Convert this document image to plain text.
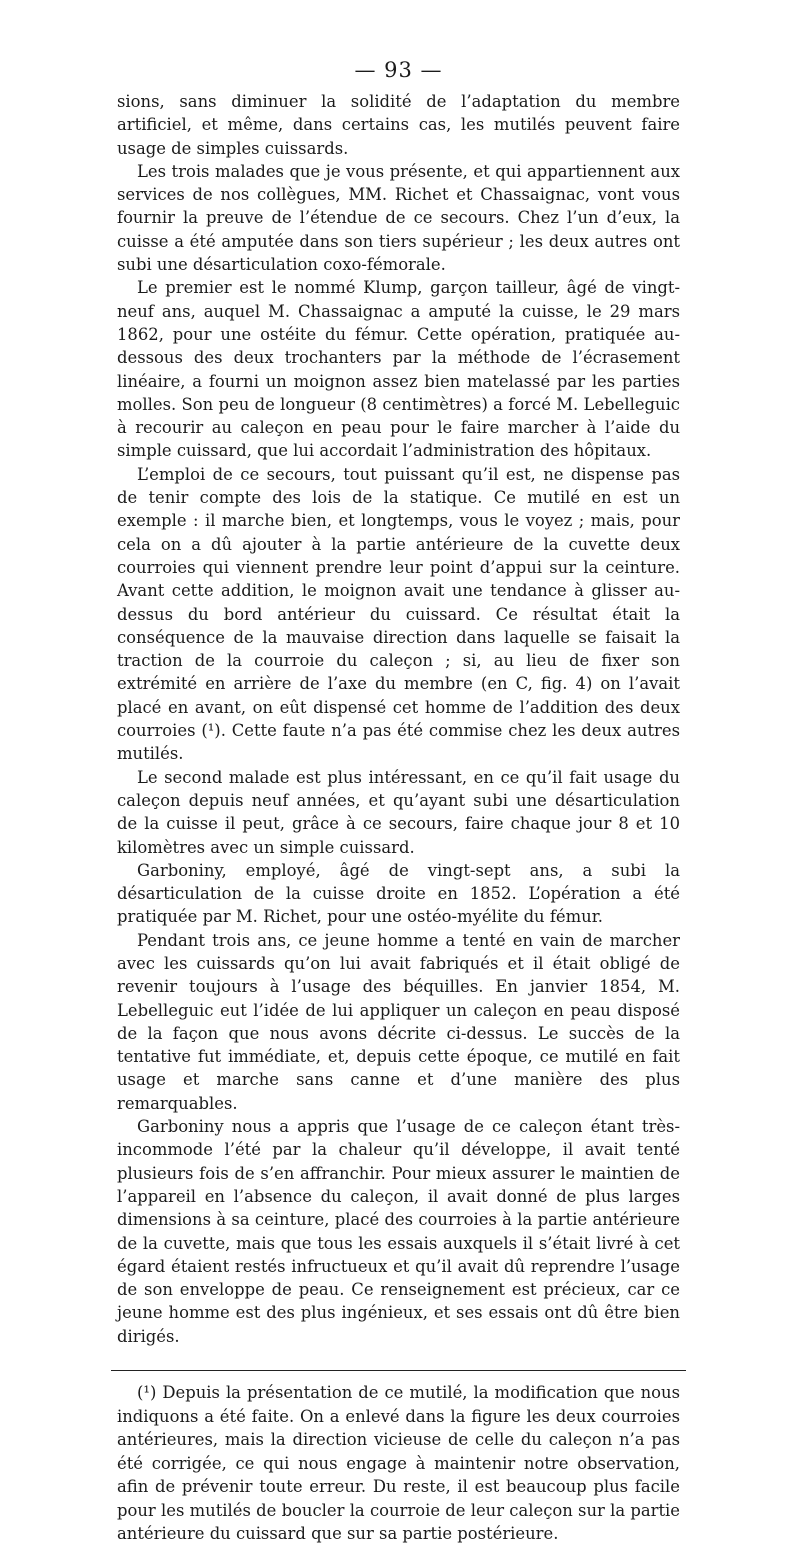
— 93 —

sions, sans diminuer la solidité de l’adaptation du membre artificiel, et même, dans certains cas, les mutilés peuvent faire usage de simples cuissards.

Les trois malades que je vous présente, et qui appartiennent aux services de nos collègues, MM. Richet et Chassaignac, vont vous fournir la preuve de l’étendue de ce secours. Chez l’un d’eux, la cuisse a été amputée dans son tiers supérieur ; les deux autres ont subi une désarticulation coxo-fémorale.

Le premier est le nommé Klump, garçon tailleur, âgé de vingt-neuf ans, auquel M. Chassaignac a amputé la cuisse, le 29 mars 1862, pour une ostéite du fémur. Cette opération, pratiquée au-dessous des deux trochanters par la méthode de l’écrasement linéaire, a fourni un moignon assez bien matelassé par les parties molles. Son peu de longueur (8 centimètres) a forcé M. Lebelleguic à recourir au caleçon en peau pour le faire marcher à l’aide du simple cuissard, que lui accordait l’administration des hôpitaux.

L’emploi de ce secours, tout puissant qu’il est, ne dispense pas de tenir compte des lois de la statique. Ce mutilé en est un exemple : il marche bien, et longtemps, vous le voyez ; mais, pour cela on a dû ajouter à la partie antérieure de la cuvette deux courroies qui viennent prendre leur point d’appui sur la ceinture. Avant cette addition, le moignon avait une tendance à glisser au-dessus du bord antérieur du cuissard. Ce résultat était la conséquence de la mauvaise direction dans laquelle se faisait la traction de la courroie du caleçon ; si, au lieu de fixer son extrémité en arrière de l’axe du membre (en C, fig. 4) on l’avait placé en avant, on eût dispensé cet homme de l’addition des deux courroies (¹). Cette faute n’a pas été commise chez les deux autres mutilés.

Le second malade est plus intéressant, en ce qu’il fait usage du caleçon depuis neuf années, et qu’ayant subi une désarticulation de la cuisse il peut, grâce à ce secours, faire chaque jour 8 et 10 kilomètres avec un simple cuissard.

Garboniny, employé, âgé de vingt-sept ans, a subi la désarticulation de la cuisse droite en 1852. L’opération a été pratiquée par M. Richet, pour une ostéo-myélite du fémur.

Pendant trois ans, ce jeune homme a tenté en vain de marcher avec les cuissards qu’on lui avait fabriqués et il était obligé de revenir toujours à l’usage des béquilles. En janvier 1854, M. Lebelleguic eut l’idée de lui appliquer un caleçon en peau disposé de la façon que nous avons décrite ci-dessus. Le succès de la tentative fut immédiate, et, depuis cette époque, ce mutilé en fait usage et marche sans canne et d’une manière des plus remarquables.

Garboniny nous a appris que l’usage de ce caleçon étant très-incommode l’été par la chaleur qu’il développe, il avait tenté plusieurs fois de s’en affranchir. Pour mieux assurer le maintien de l’appareil en l’absence du caleçon, il avait donné de plus larges dimensions à sa ceinture, placé des courroies à la partie antérieure de la cuvette, mais que tous les essais auxquels il s’était livré à cet égard étaient restés infructueux et qu’il avait dû reprendre l’usage de son enveloppe de peau. Ce renseignement est précieux, car ce jeune homme est des plus ingénieux, et ses essais ont dû être bien dirigés.

(¹) Depuis la présentation de ce mutilé, la modification que nous indiquons a été faite. On a enlevé dans la figure les deux courroies antérieures, mais la direction vicieuse de celle du caleçon n’a pas été corrigée, ce qui nous engage à maintenir notre observation, afin de prévenir toute erreur. Du reste, il est beaucoup plus facile pour les mutilés de boucler la courroie de leur caleçon sur la partie antérieure du cuissard que sur sa partie postérieure.
